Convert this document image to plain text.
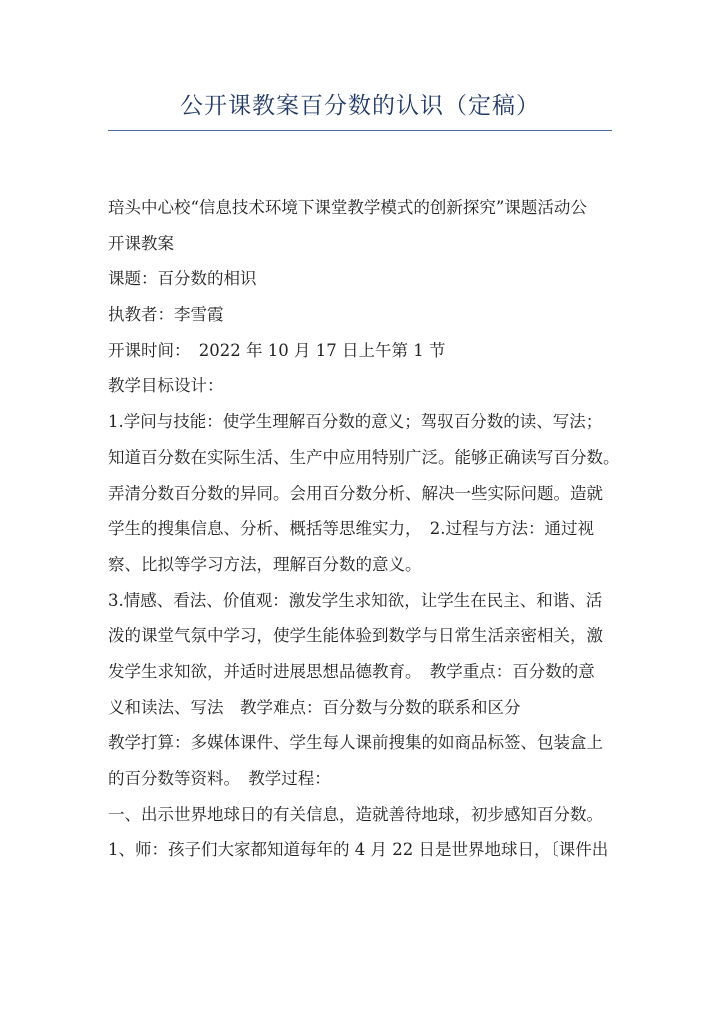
公开课教案百分数的认识（定稿）
琣头中心校“信息技术环境下课堂教学模式的创新探究”课题活动公
开课教案
课题：百分数的相识
执教者：李雪霞
开课时间：　2022 年 10 月 17 日上午第 1 节
教学目标设计：
1.学问与技能：使学生理解百分数的意义；驾驭百分数的读、写法；
知道百分数在实际生活、生产中应用特别广泛。能够正确读写百分数。
弄清分数百分数的异同。会用百分数分析、解决一些实际问题。造就
学生的搜集信息、分析、概括等思维实力，　2.过程与方法：通过视
察、比拟等学习方法，理解百分数的意义。
3.情感、看法、价值观：激发学生求知欲，让学生在民主、和谐、活
泼的课堂气氛中学习，使学生能体验到数学与日常生活亲密相关，激
发学生求知欲，并适时进展思想品德教育。　教学重点：百分数的意
义和读法、写法　教学难点：百分数与分数的联系和区分
教学打算：多媒体课件、学生每人课前搜集的如商品标签、包装盒上
的百分数等资料。　教学过程：
一、出示世界地球日的有关信息，造就善待地球，初步感知百分数。
1、师：孩子们大家都知道每年的 4 月 22 日是世界地球日，〔课件出
